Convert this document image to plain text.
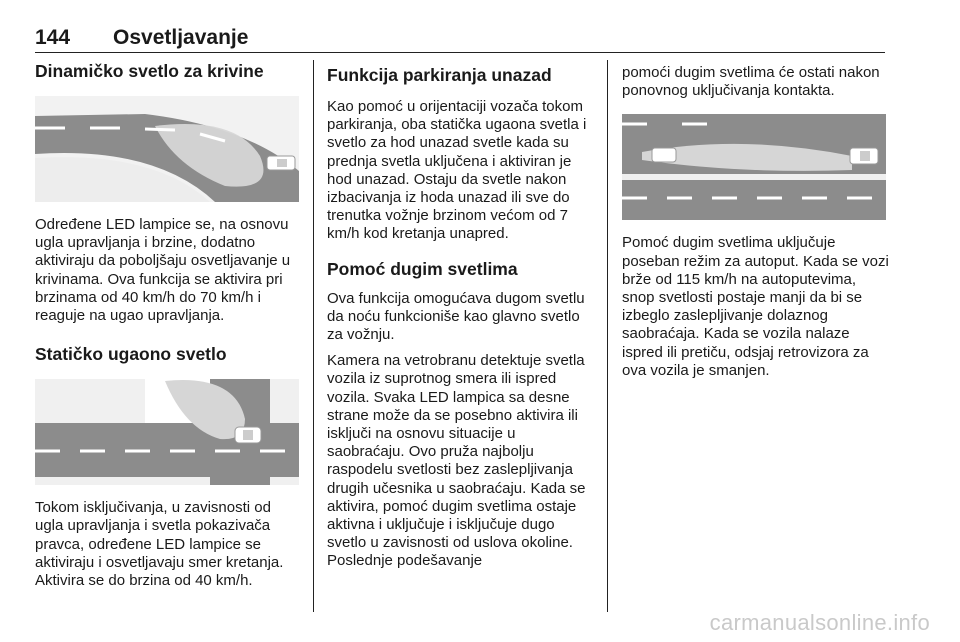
144 Osvetljavanje
Dinamičko svetlo za krivine

Određene LED lampice se, na osnovu ugla upravljanja i brzine, dodatno aktiviraju da poboljšaju osvetljavanje u krivinama. Ova funkcija se aktivira pri brzinama od 40 km/h do 70 km/h i reaguje na ugao upravljanja.

Statičko ugaono svetlo

Tokom isključivanja, u zavisnosti od ugla upravljanja i svetla pokazivača pravca, određene LED lampice se aktiviraju i osvetljavaju smer kretanja. Aktivira se do brzina od 40 km/h.

Funkcija parkiranja unazad

Kao pomoć u orijentaciji vozača tokom parkiranja, oba statička ugaona svetla i svetlo za hod unazad svetle kada su prednja svetla uključena i aktiviran je hod unazad. Ostaju da svetle nakon izbacivanja iz hoda unazad ili sve do trenutka vožnje brzinom većom od 7 km/h kod kretanja unapred.

Pomoć dugim svetlima

Ova funkcija omogućava dugom svetlu da noću funkcioniše kao glavno svetlo za vožnju.

Kamera na vetrobranu detektuje svetla vozila iz suprotnog smera ili ispred vozila. Svaka LED lampica sa desne strane može da se posebno aktivira ili isključi na osnovu situacije u saobraćaju. Ovo pruža najbolju raspodelu svetlosti bez zaslepljivanja drugih učesnika u saobraćaju. Kada se aktivira, pomoć dugim svetlima ostaje aktivna i uključuje i isključuje dugo svetlo u zavisnosti od uslova okoline. Poslednje podešavanje

pomoći dugim svetlima će ostati nakon ponovnog uključivanja kontakta.

Pomoć dugim svetlima uključuje poseban režim za autoput. Kada se vozi brže od 115 km/h na autoputevima, snop svetlosti postaje manji da bi se izbeglo zaslepljivanje dolaznog saobraćaja. Kada se vozila nalaze ispred ili pretiču, odsjaj retrovizora za ova vozila je smanjen.

carmanualsonline.info
